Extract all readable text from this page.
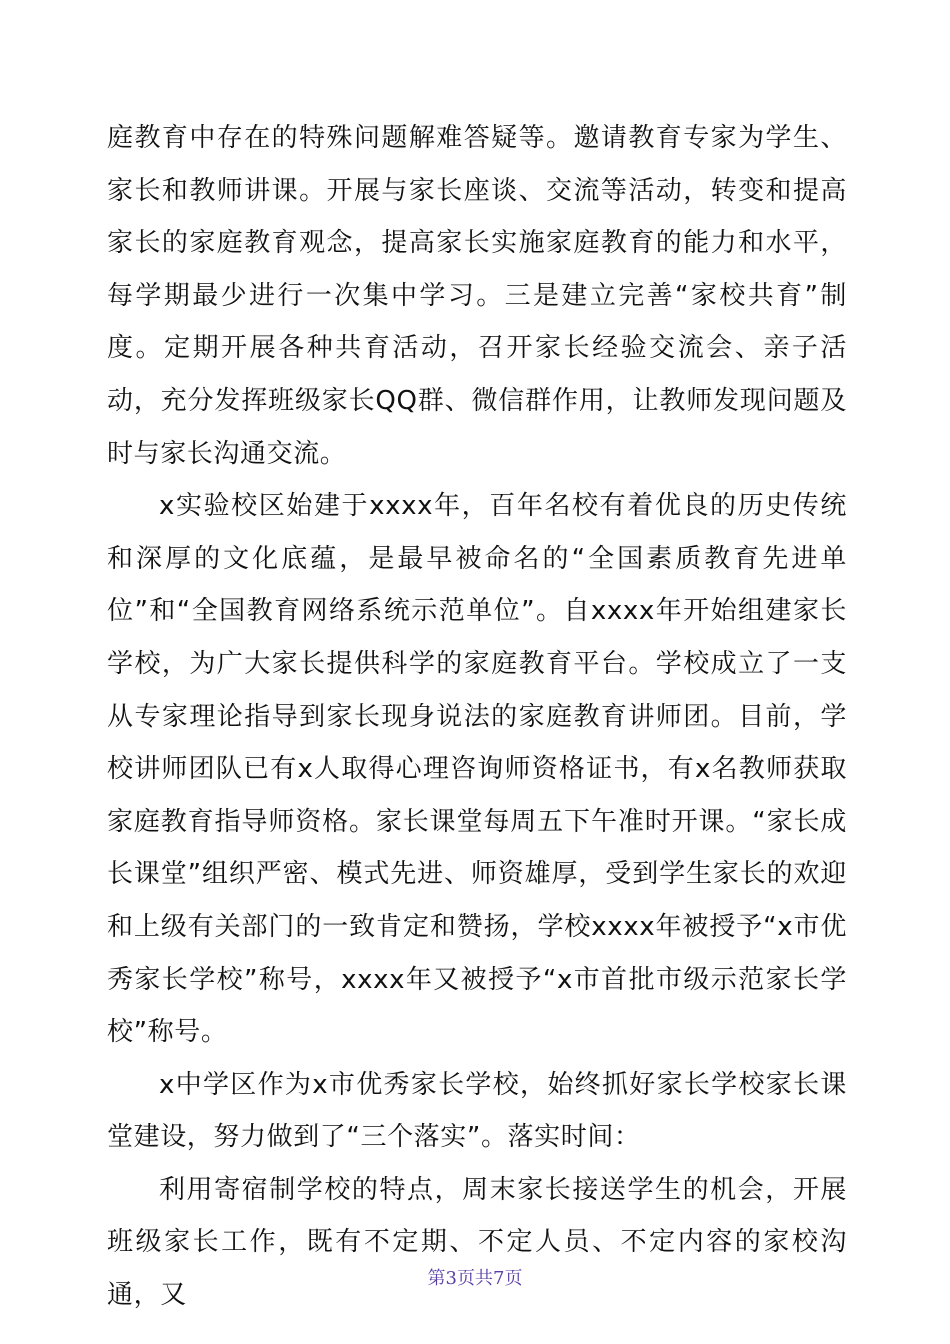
庭教育中存在的特殊问题解难答疑等。邀请教育专家为学生、家长和教师讲课。开展与家长座谈、交流等活动，转变和提高家长的家庭教育观念，提高家长实施家庭教育的能力和水平，每学期最少进行一次集中学习。三是建立完善“家校共育”制度。定期开展各种共育活动，召开家长经验交流会、亲子活动，充分发挥班级家长QQ群、微信群作用，让教师发现问题及时与家长沟通交流。

x实验校区始建于xxxx年，百年名校有着优良的历史传统和深厚的文化底蕴，是最早被命名的“全国素质教育先进单位”和“全国教育网络系统示范单位”。自xxxx年开始组建家长学校，为广大家长提供科学的家庭教育平台。学校成立了一支从专家理论指导到家长现身说法的家庭教育讲师团。目前，学校讲师团队已有x人取得心理咨询师资格证书，有x名教师获取家庭教育指导师资格。家长课堂每周五下午准时开课。“家长成长课堂”组织严密、模式先进、师资雄厚，受到学生家长的欢迎和上级有关部门的一致肯定和赞扬，学校xxxx年被授予“x市优秀家长学校”称号，xxxx年又被授予“x市首批市级示范家长学校”称号。

x中学区作为x市优秀家长学校，始终抓好家长学校家长课堂建设，努力做到了“三个落实”。落实时间：

利用寄宿制学校的特点，周末家长接送学生的机会，开展班级家长工作，既有不定期、不定人员、不定内容的家校沟通，又

第3页共7页
